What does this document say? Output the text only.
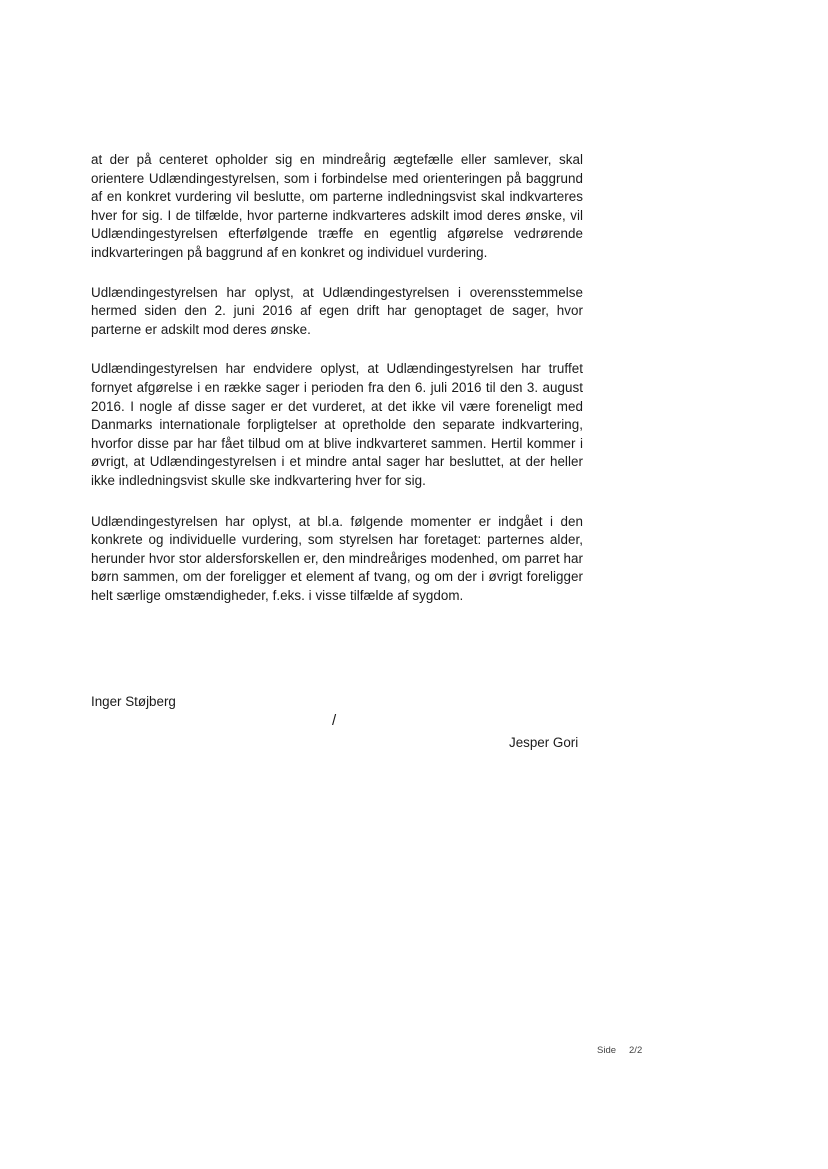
at der på centeret opholder sig en mindreårig ægtefælle eller samlever, skal orientere Udlændingestyrelsen, som i forbindelse med orienteringen på baggrund af en konkret vurdering vil beslutte, om parterne indledningsvist skal indkvarteres hver for sig. I de tilfælde, hvor parterne indkvarteres adskilt imod deres ønske, vil Udlændingestyrelsen efterfølgende træffe en egentlig afgørelse vedrørende indkvarteringen på baggrund af en konkret og individuel vurdering.

Udlændingestyrelsen har oplyst, at Udlændingestyrelsen i overensstemmelse hermed siden den 2. juni 2016 af egen drift har genoptaget de sager, hvor parterne er adskilt mod deres ønske.

Udlændingestyrelsen har endvidere oplyst, at Udlændingestyrelsen har truffet fornyet afgørelse i en række sager i perioden fra den 6. juli 2016 til den 3. august 2016. I nogle af disse sager er det vurderet, at det ikke vil være foreneligt med Danmarks internationale forpligtelser at opretholde den separate indkvartering, hvorfor disse par har fået tilbud om at blive indkvarteret sammen. Hertil kommer i øvrigt, at Udlændingestyrelsen i et mindre antal sager har besluttet, at der heller ikke indledningsvist skulle ske indkvartering hver for sig.

Udlændingestyrelsen har oplyst, at bl.a. følgende momenter er indgået i den konkrete og individuelle vurdering, som styrelsen har foretaget: parternes alder, herunder hvor stor aldersforskellen er, den mindreåriges modenhed, om parret har børn sammen, om der foreligger et element af tvang, og om der i øvrigt foreligger helt særlige omstændigheder, f.eks. i visse tilfælde af sygdom.

Inger Støjberg
/
Jesper Gori
Side 2/2
